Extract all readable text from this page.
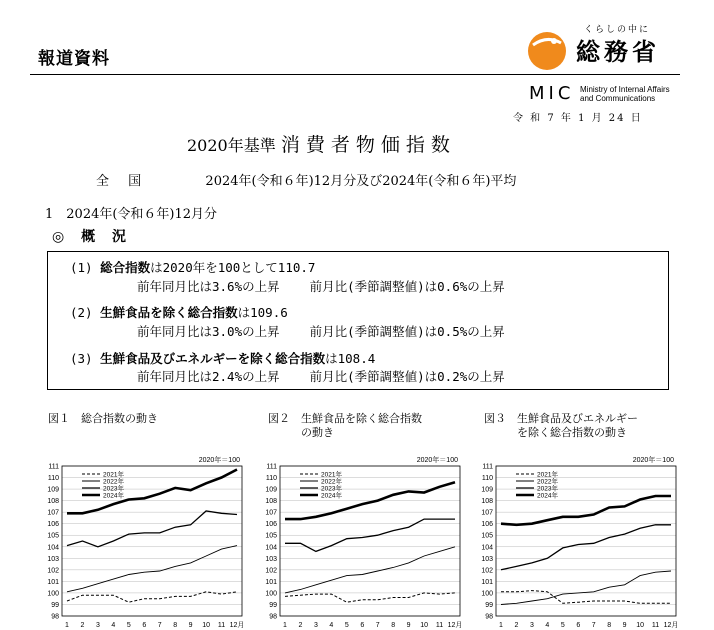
報道資料
くらしの中に
総務省
MIC Ministry of Internal Affairs
and Communications
令 和 7 年 1 月 24 日
2020年基準 消費者物価指数
全　 国	2024年(令和６年)12月分及び2024年(令和６年)平均
1　2024年(令和６年)12月分
◎ 概 況
(1) 総合指数は2020年を100として110.7
前年同月比は3.6%の上昇 前月比(季節調整値)は0.6%の上昇
(2) 生鮮食品を除く総合指数は109.6
前年同月比は3.0%の上昇 前月比(季節調整値)は0.5%の上昇
(3) 生鮮食品及びエネルギーを除く総合指数は108.4
前年同月比は2.4%の上昇 前月比(季節調整値)は0.2%の上昇
図１　総合指数の動き	図２　生鮮食品を除く総合指数
　　　の動き
図３　生鮮食品及びエネルギー
　　　を除く総合指数の動き
2020年＝100
98
99
100
101
102
103
104
105
106
107
108
109
110
111
1 2 3 4 5 6 7 8 9 10 11 12月
2021年
2022年
2023年
2024年
2020年＝100
98
99
100
101
102
103
104
105
106
107
108
109
110
111
1 2 3 4 5 6 7 8 9 10 11 12月
2021年
2022年
2023年
2024年
2020年＝100
98
99
100
101
102
103
104
105
106
107
108
109
110
111
1 2 3 4 5 6 7 8 9 10 11 12月
2021年
2022年
2023年
2024年
